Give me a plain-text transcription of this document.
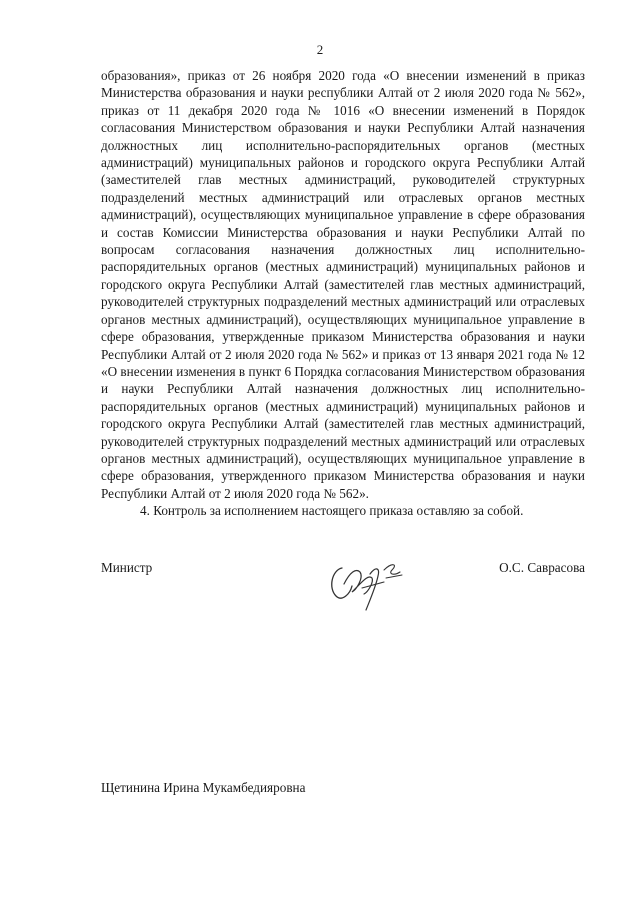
2

образования», приказ от 26 ноября 2020 года «О внесении изменений в приказ Министерства образования и науки республики Алтай от 2 июля 2020 года № 562», приказ от 11 декабря 2020 года № 1016 «О внесении изменений в Порядок согласования Министерством образования и науки Республики Алтай назначения должностных лиц исполнительно-распорядительных органов (местных администраций) муниципальных районов и городского округа Республики Алтай (заместителей глав местных администраций, руководителей структурных подразделений местных администраций или отраслевых органов местных администраций), осуществляющих муниципальное управление в сфере образования и состав Комиссии Министерства образования и науки Республики Алтай по вопросам согласования назначения должностных лиц исполнительно-распорядительных органов (местных администраций) муниципальных районов и городского округа Республики Алтай (заместителей глав местных администраций, руководителей структурных подразделений местных администраций или отраслевых органов местных администраций), осуществляющих муниципальное управление в сфере образования, утвержденные приказом Министерства образования и науки Республики Алтай от 2 июля 2020 года № 562» и приказ от 13 января 2021 года № 12 «О внесении изменения в пункт 6 Порядка согласования Министерством образования и науки Республики Алтай назначения должностных лиц исполнительно-распорядительных органов (местных администраций) муниципальных районов и городского округа Республики Алтай (заместителей глав местных администраций, руководителей структурных подразделений местных администраций или отраслевых органов местных администраций), осуществляющих муниципальное управление в сфере образования, утвержденного приказом Министерства образования и науки Республики Алтай от 2 июля 2020 года № 562».

4. Контроль за исполнением настоящего приказа оставляю за собой.

Министр	О.С. Саврасова
Щетинина Ирина Мукамбедияровна
